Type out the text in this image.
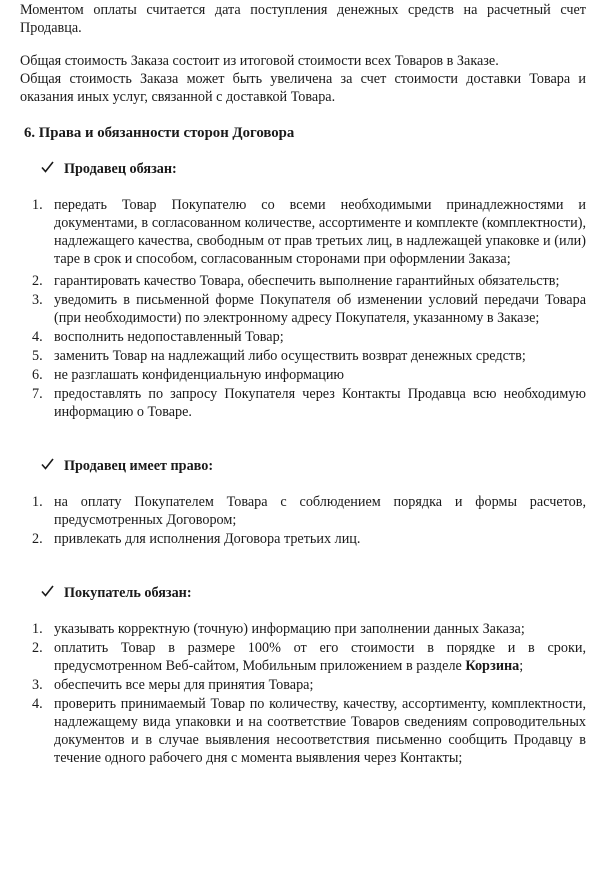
Моментом оплаты считается дата поступления денежных средств на расчетный счет Продавца.

Общая стоимость Заказа состоит из итоговой стоимости всех Товаров в Заказе.

Общая стоимость Заказа может быть увеличена за счет стоимости доставки Товара и оказания иных услуг, связанной с доставкой Товара.

6. Права и обязанности сторон Договора
Продавец обязан:
1. передать Товар Покупателю со всеми необходимыми принадлежностями и документами, в согласованном количестве, ассортименте и комплекте (комплектности), надлежащего качества, свободным от прав третьих лиц, в надлежащей упаковке и (или) таре в срок и способом, согласованным сторонами при оформлении Заказа;
2. гарантировать качество Товара, обеспечить выполнение гарантийных обязательств;
3. уведомить в письменной форме Покупателя об изменении условий передачи Товара (при необходимости) по электронному адресу Покупателя, указанному в Заказе;
4. восполнить недопоставленный Товар;
5. заменить Товар на надлежащий либо осуществить возврат денежных средств;
6. не разглашать конфиденциальную информацию
7. предоставлять по запросу Покупателя через Контакты Продавца всю необходимую информацию о Товаре.
Продавец имеет право:
1. на оплату Покупателем Товара с соблюдением порядка и формы расчетов, предусмотренных Договором;
2. привлекать для исполнения Договора третьих лиц.
Покупатель обязан:
1. указывать корректную (точную) информацию при заполнении данных Заказа;
2. оплатить Товар в размере 100% от его стоимости в порядке и в сроки, предусмотренном Веб-сайтом, Мобильным приложением в разделе Корзина;
3. обеспечить все меры для принятия Товара;
4. проверить принимаемый Товар по количеству, качеству, ассортименту, комплектности, надлежащему вида упаковки и на соответствие Товаров сведениям сопроводительных документов и в случае выявления несоответствия письменно сообщить Продавцу в течение одного рабочего дня с момента выявления через Контакты;
